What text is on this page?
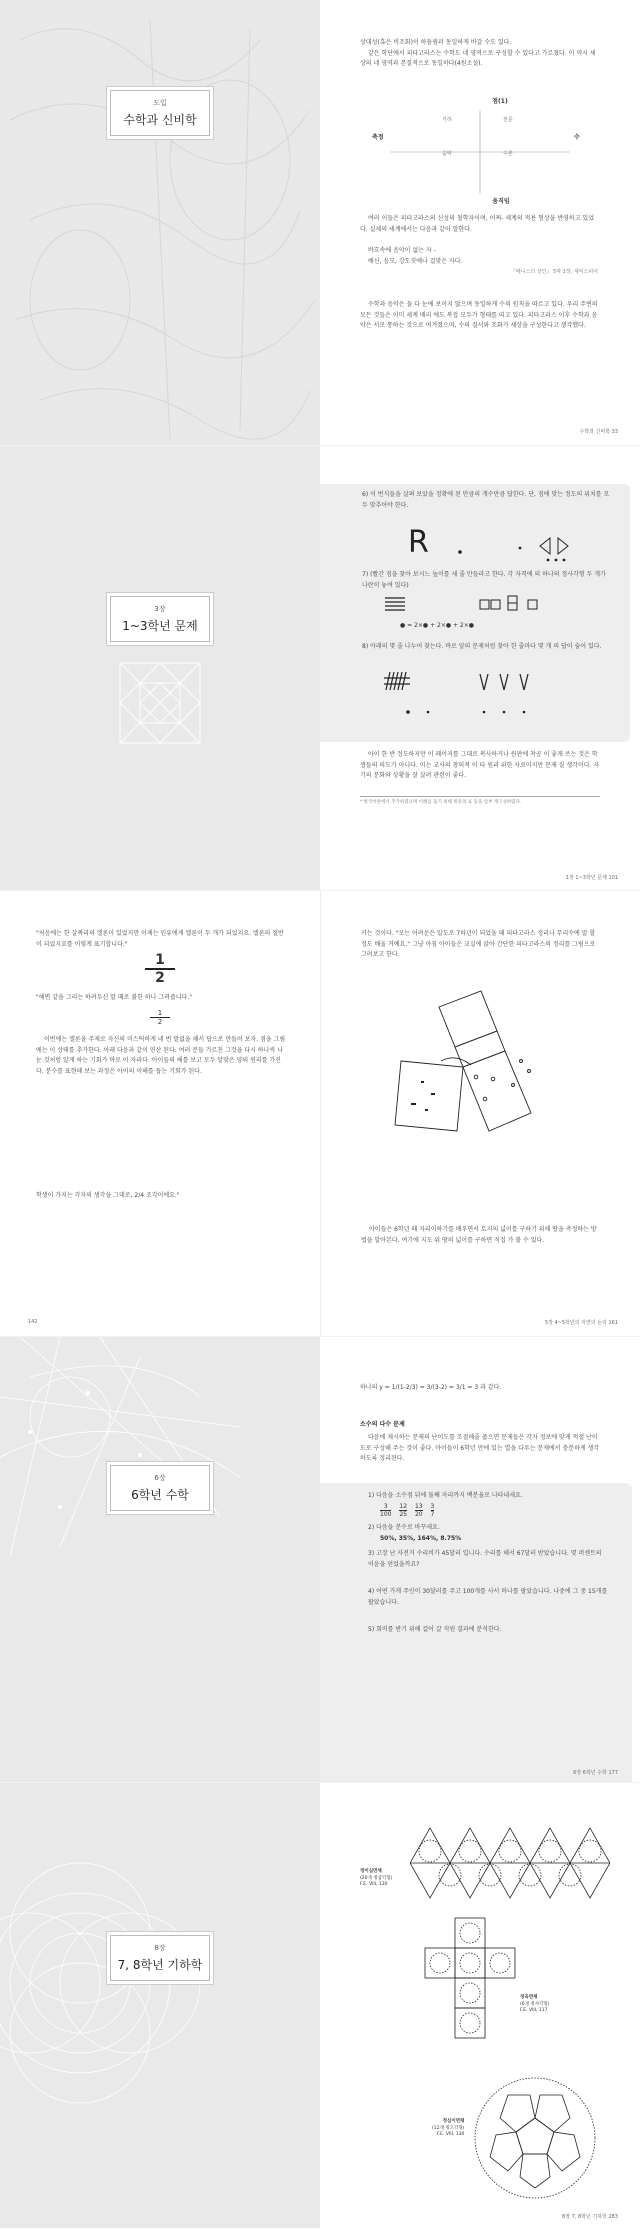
도입
수학과 신비학

상대성(혹은 비조화)이 하듬림과 동일하게 바갈 수도 있다.

같은 학단에서 피타고라스는 수학도 네 영역으로 구성할 수 있다고 가르쳤다. 이 역시 세상의 네 영역과 본질적으로 동일하다(4원소설).

점(1)
기하	천문
음악	수론
축정	수
움직임
여러 이들은 피타고라스의 신성의 철학자이며, 어쩌- 세계의 적용 형상을 반영하고 있었다. 실제의 세계에서는 다음과 같이 말한다.

바흐속에 음악이 없는 자 -

배신, 음모, 강도짓에나 걸맞은 자다.

『베니스의 상인』 5막 1장, 셰익스피어

수학과 음악은 둘 다 눈에 보이지 않으며 동일하게 수의 원칙을 따르고 있다. 우리 주변의 모든 것들은 이미 세계 배리 에도 복잡 모두가 형태를 띠고 있다. 피타고라스 이후 수학과 음악은 서로 통하는 것으로 여겨졌으며, 수의 질서와 조화가 세상을 구성한다고 생각했다.
수학과 신비학 33
3장
1~3학년 문제
6) 이 번식들을 살펴 보았을 정확에 된 만큼의 개수만큼 답한다. 단, 점에 맞는 정도의 위치를 모두 맞추어야 한다.
R
7) (빨간 점을 찾아 보시느 높이를 세 줄 만들라고 한다. 각 자격에 의 하나의 정사각형 두 개가 나란히 놓여 있다)
● = 2×● + 2×● + 2×●
8) 아래의 몇 줄 나누어 찾는다. 바로 앞의 문제처럼 찾아 한 줄마다 몇 개 의 답이 숨어 있다.
아이 한 반 정도하지만 이 페이지를 그대로 복사하거나 원판에 착공 이 좋게 쓰는 것은 학생들의 의도가 아니다. 이는 교사의 창의적 이 타 원리 위한 자료이지만 문제 질 생각이다. 자기의 문화와 상황을 잘 살려 관련이 좋다.
* 한국어판에서 추가하였으며 이해를 돕기 위해 원문의 표 등을 일부 재구성하였다.
1장 1~3학년 문제 101
"처음에는 한 살짜리의 엘론이 있었지만 이제는 인류에게 엘론이 두 개가 되었지요. 엘론의 절반이 되었지요를 이렇게 표기합니다."
1
2
"해변 같을 그리는 하려두신 말 때로 붉한 하나 그려줍니다."
1
2
이번에는 엘론을 주제로 자신의 미스틱하게 네 번 말없을 해서 답으로 만들어 보자. 점을 그림에는 이 상태를 추가한다. 아래 다음과 같이 연산 된다. 여러 분들 가르친 그것을 다시 하나씩 나눈 것처럼 알게 하는 기회가 바로 이 자리다. 아이들의 해를 보고 모두 알맞은 양의 원리를 가진다. 분수를 표현해 보는 과정은 아이의 이해를 돕는 기회가 된다.
학생이 가지는 각자의 생각을 그대로, 2/4 조각이에요."
142
키는 것이다. "모는 어려운은 알도로 7하년이 되었을 때 피타고라스 정리나 무리수에 말 할 정도 배울 거예요." 그냥 아침 아이들은 교실에 앉아 간단한 피타고라스의 정리를 그림으로 그려보고 한다.
아이들은 6학년 때 자리이하기를 배우면서 토지의 넓이를 구하기 위해 땅을 측정하는 방법을 알아본다. 여기에 지도 위 땅의 넓이를 구하면 직접 가 볼 수 있다.
5장 4~5학년의 자연의 논리 161
6장
6학년 수학
하나의 y = 1/(1-2/3) = 3/(3-2) = 3/1 = 3 과 같다.
소수의 다수 문제
다음에 제시하는 문제의 난이도를 조절해줄 줍으면 문제들은 각자 정보에 맞게 적절 난이도로 구성해 주는 것이 좋다. 아이들이 6학년 만에 있는 열을 다루는 문제에서 충분하게 생각하도록 정리된다.
1) 다음을 소수점 뒤에 둘째 자리까지 백분율로 나타내세요.
$\frac{3}{100} \frac{12}{25} \frac{13}{20} \frac{3}{7}$
2) 다음을 분수로 바꾸세요.
50%, 35%, 164%, 8.75%
3) 고장 난 자전거 수리비가 45달러 입니다. 수리를 해서 67달러 받았습니다. 몇 퍼센트의 이윤을 얻었을까요?
4) 어떤 가게 주인이 30달러를 주고 100개를 사서 하나를 팔았습니다. 나중에 그 중 15개를 팔았습니다.
5) 회비를 받기 위해 걸어 갈 직원 결과에 분석한다.
6장 6학년 수학 177
8장
7, 8학년 기하학
정이십면체
(20개 정삼각형)
F.E. VIII, 130
정육면체
(6개 정사각형)
F.E. VIII, 117
정십이면체
(12개 정오각형)
F.E. VIII, 130
8장 7, 8학년 기하학 283
